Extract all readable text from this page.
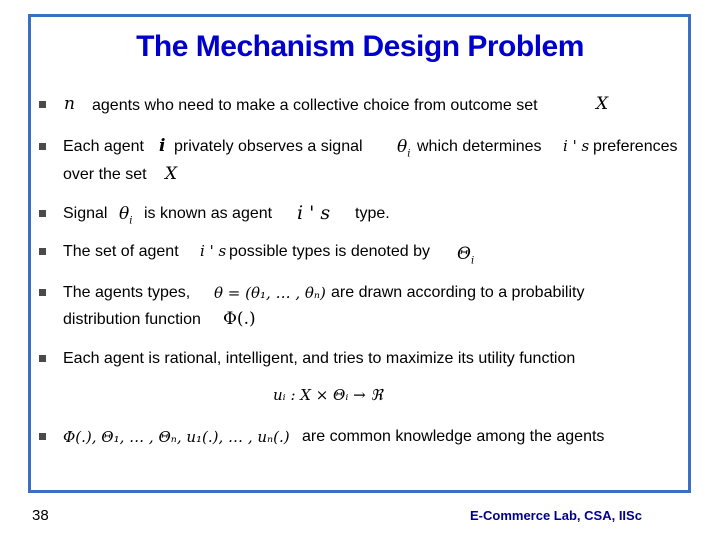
The Mechanism Design Problem
n agents who need to make a collective choice from outcome set	X
Each agent i privately observes a signal $\theta_i$ which determines i ' s preferences
over the set X
Signal $\theta_i$ is known as agent i ' s type.
The set of agent i ' s possible types is denoted by $\Theta_i$
The agents types, θ = (θ₁, … , θₙ) are drawn according to a probability
distribution function Φ(.)
Each agent is rational, intelligent, and tries to maximize its utility function
uᵢ : X × Θᵢ → ℜ
Φ(.), Θ₁, … , Θₙ, u₁(.), … , uₙ(.) are common knowledge among the agents
38	E-Commerce Lab, CSA, IISc
